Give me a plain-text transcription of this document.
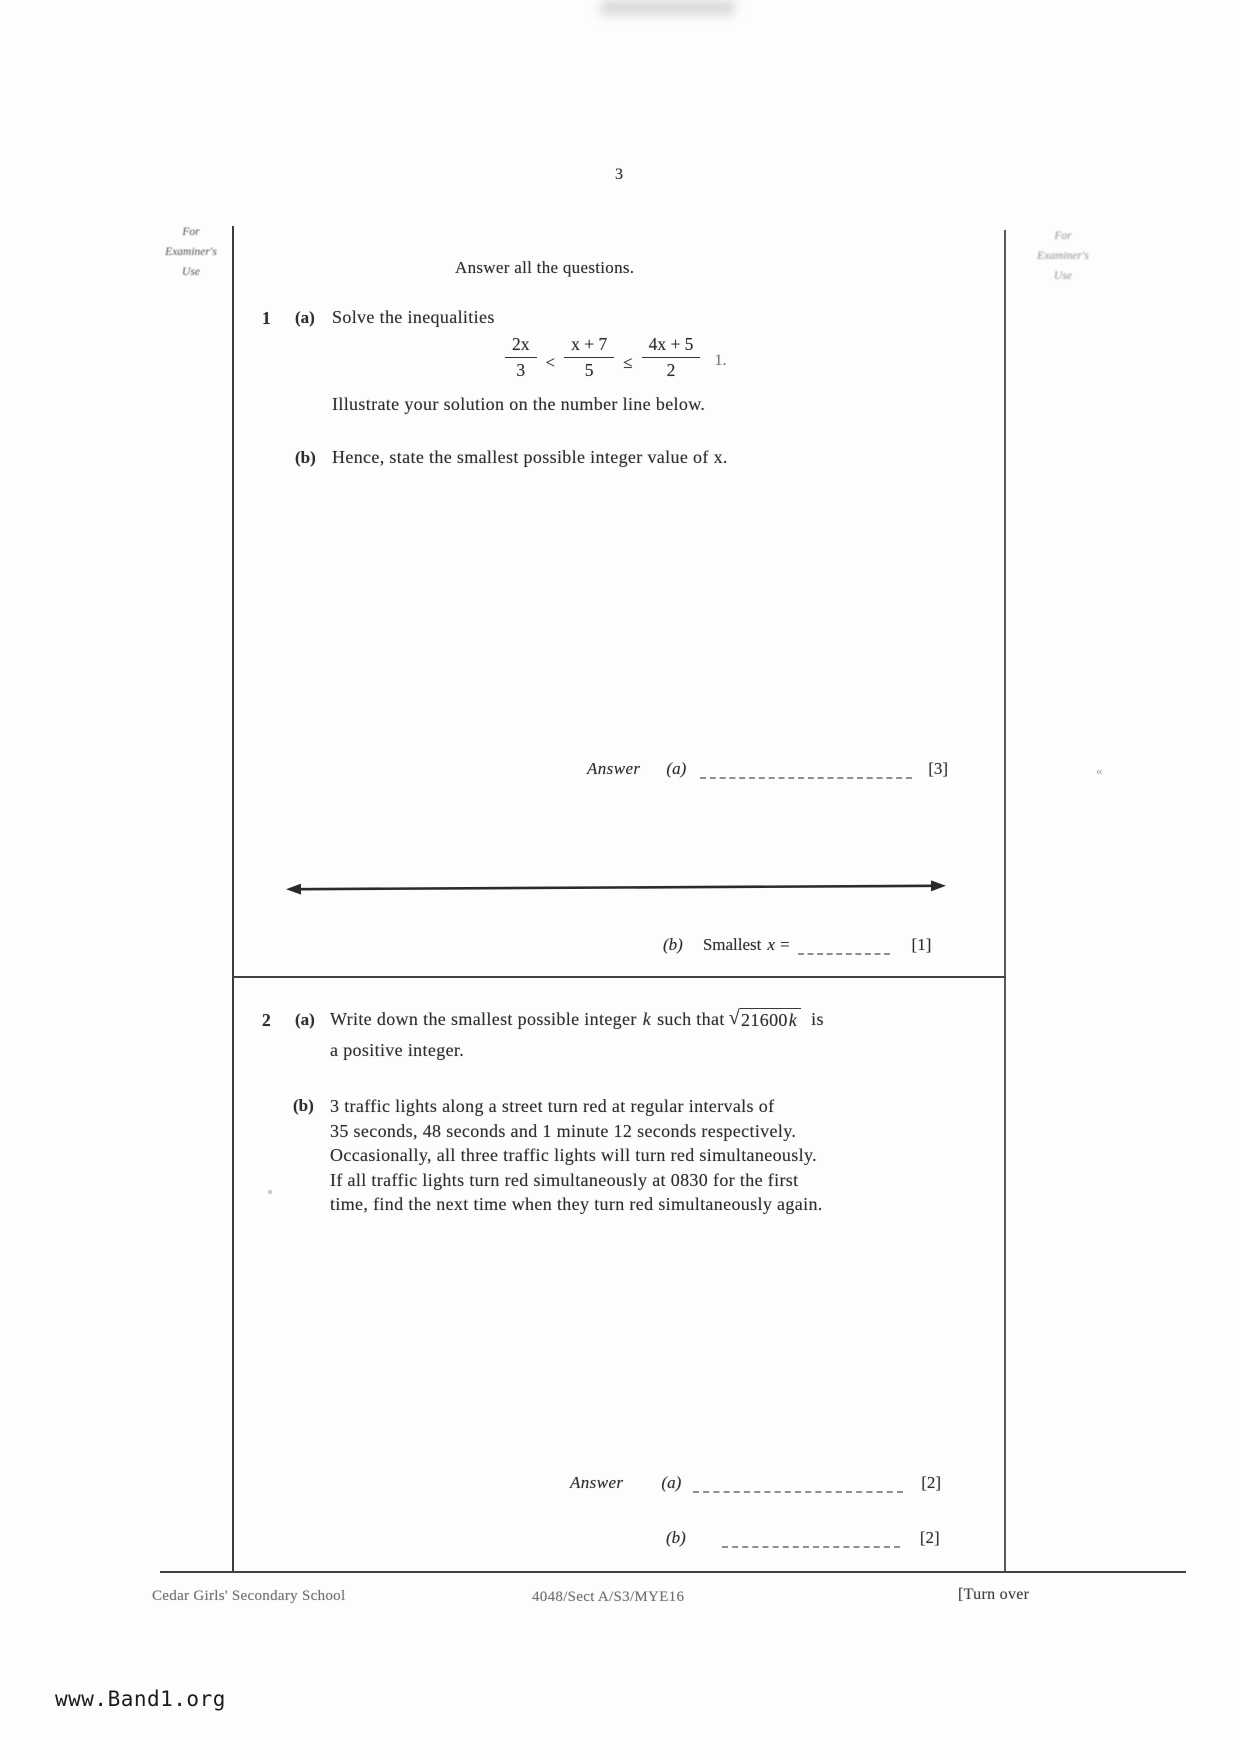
3
For
Examiner's
Use
For
Examiner's
Use
Answer all the questions.
1 (a) Solve the inequalities
$\frac{2x}{3} < \frac{x + 7}{5} \le \frac{4x + 5}{2} 1$.
Illustrate your solution on the number line below.
(b) Hence, state the smallest possible integer value of x.
Answer (a)	[3]
(b) Smallest x =	[1]
2 (a) Write down the smallest possible integer k such that √ 21600k is
a positive integer.
(b) 3 traffic lights along a street turn red at regular intervals of
35 seconds, 48 seconds and 1 minute 12 seconds respectively.
Occasionally, all three traffic lights will turn red simultaneously.
If all traffic lights turn red simultaneously at 0830 for the first
time, find the next time when they turn red simultaneously again.
Answer (a)	[2]
(b)	[2]
Cedar Girls' Secondary School	4048/Sect A/S3/MYE16	[Turn over
«
www.Band1.org
